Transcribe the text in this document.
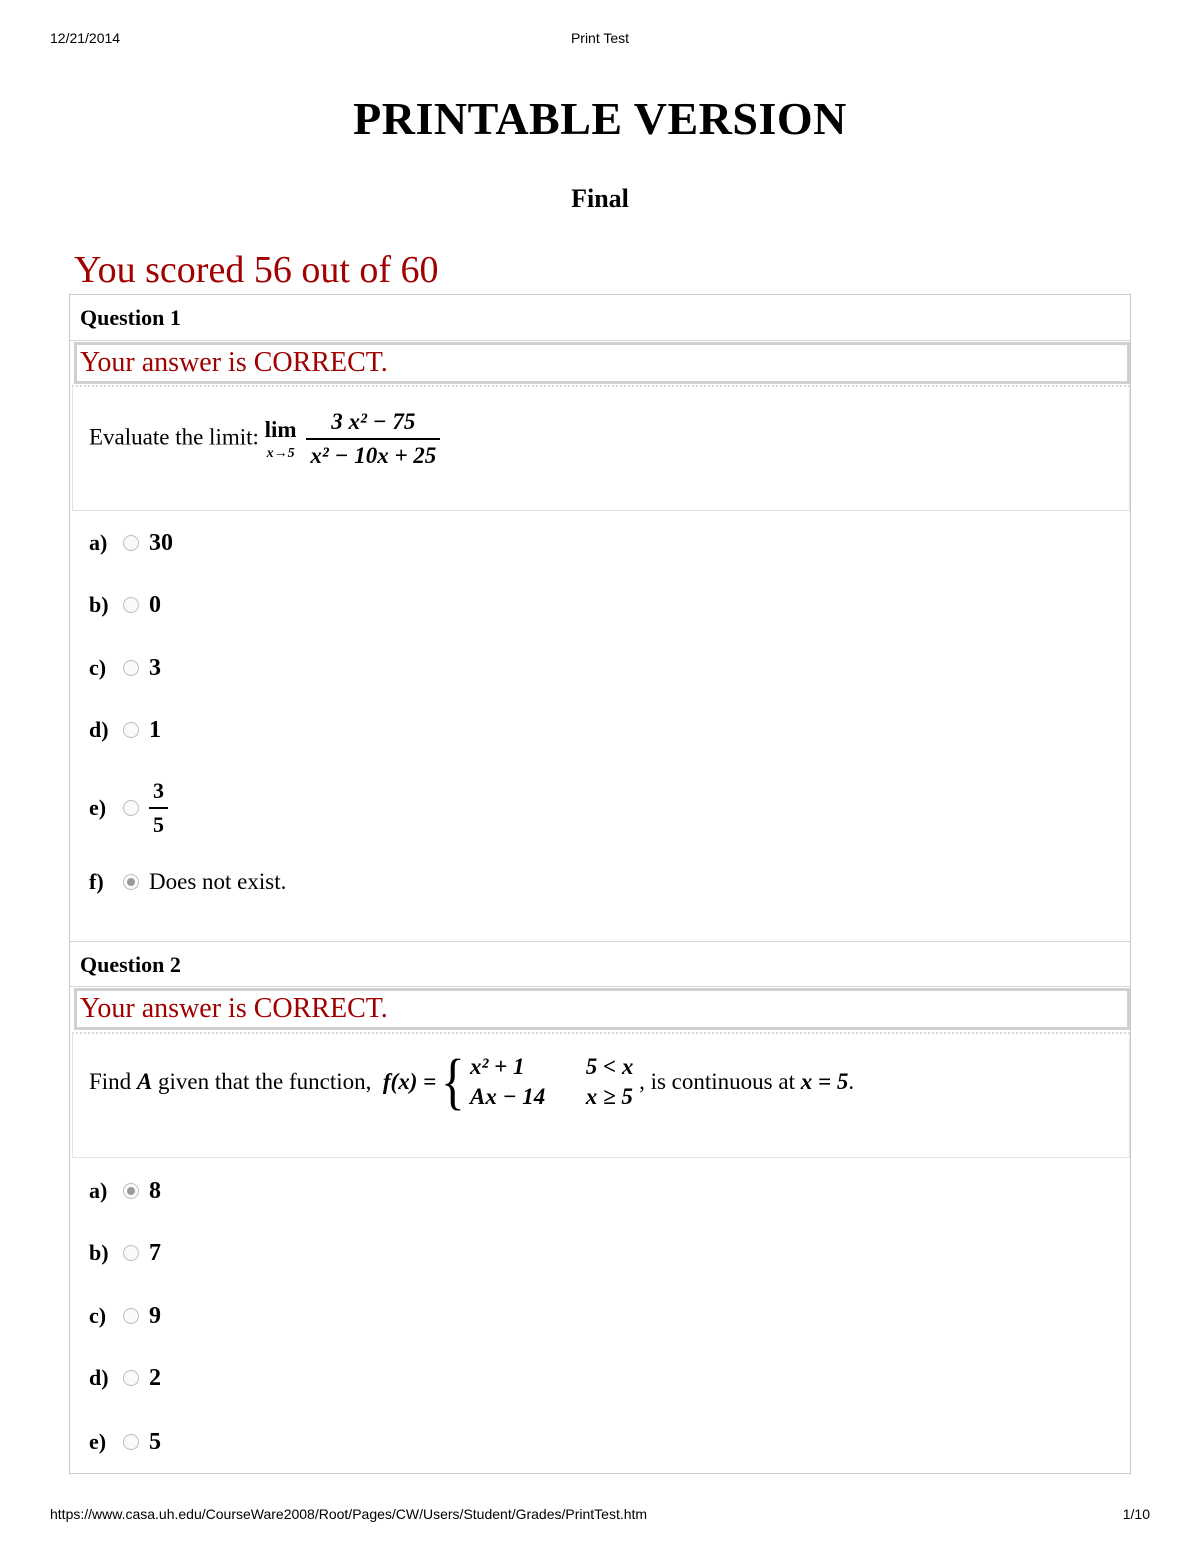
12/21/2014	Print Test
PRINTABLE VERSION
Final
You scored 56 out of 60
Question 1
Your answer is CORRECT.
Evaluate the limit: lim
x→5
$\frac{\text{3 x² − 75}}{\text{x² − 10x + 25}}$
a)	30
b)	0
c)	3
d)	1
e)	$\frac{3}{5}$
f)	Does not exist.
Question 2
Your answer is CORRECT.
Find
A
given that the function,
f(x) = { x² + 1	5 < x
Ax − 14 x ≥ 5

, is continuous at
x = 5 .
a)	8
b)	7
c)	9
d)	2
e)	5
https://www.casa.uh.edu/CourseWare2008/Root/Pages/CW/Users/Student/Grades/PrintTest.htm	1/10
